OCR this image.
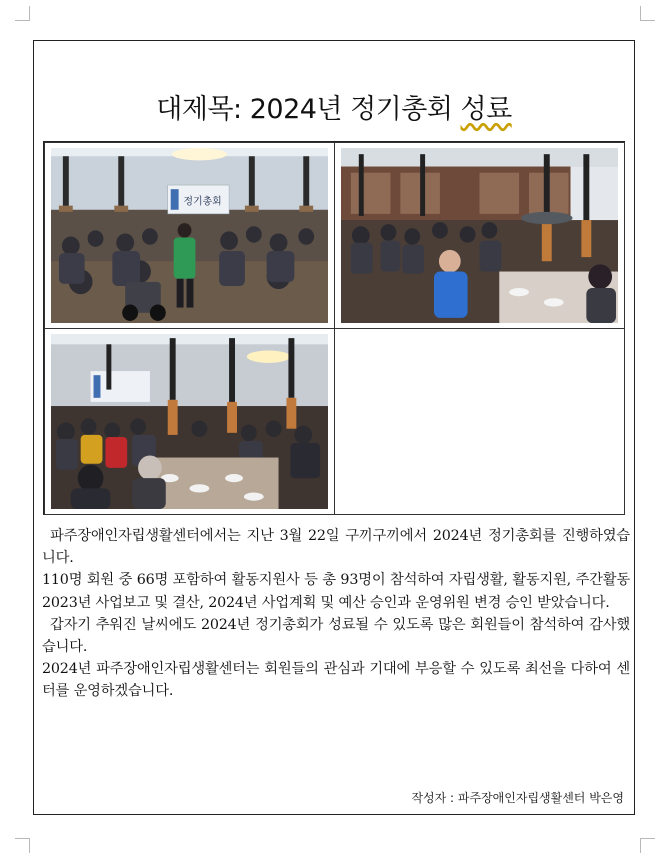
대제목: 2024년 정기총회 성료
정기총회

파주장애인자립생활센터에서는 지난 3월 22일 구끼구끼에서 2024년 정기총회를 진행하였습니다.

110명 회원 중 66명 포함하여 활동지원사 등 총 93명이 참석하여 자립생활, 활동지원, 주간활동 2023년 사업보고 및 결산, 2024년 사업계획 및 예산 승인과 운영위원 변경 승인 받았습니다.

갑자기 추워진 날씨에도 2024년 정기총회가 성료될 수 있도록 많은 회원들이 참석하여 감사했습니다.

2024년 파주장애인자립생활센터는 회원들의 관심과 기대에 부응할 수 있도록 최선을 다하여 센터를 운영하겠습니다.

작성자 : 파주장애인자립생활센터 박은영
